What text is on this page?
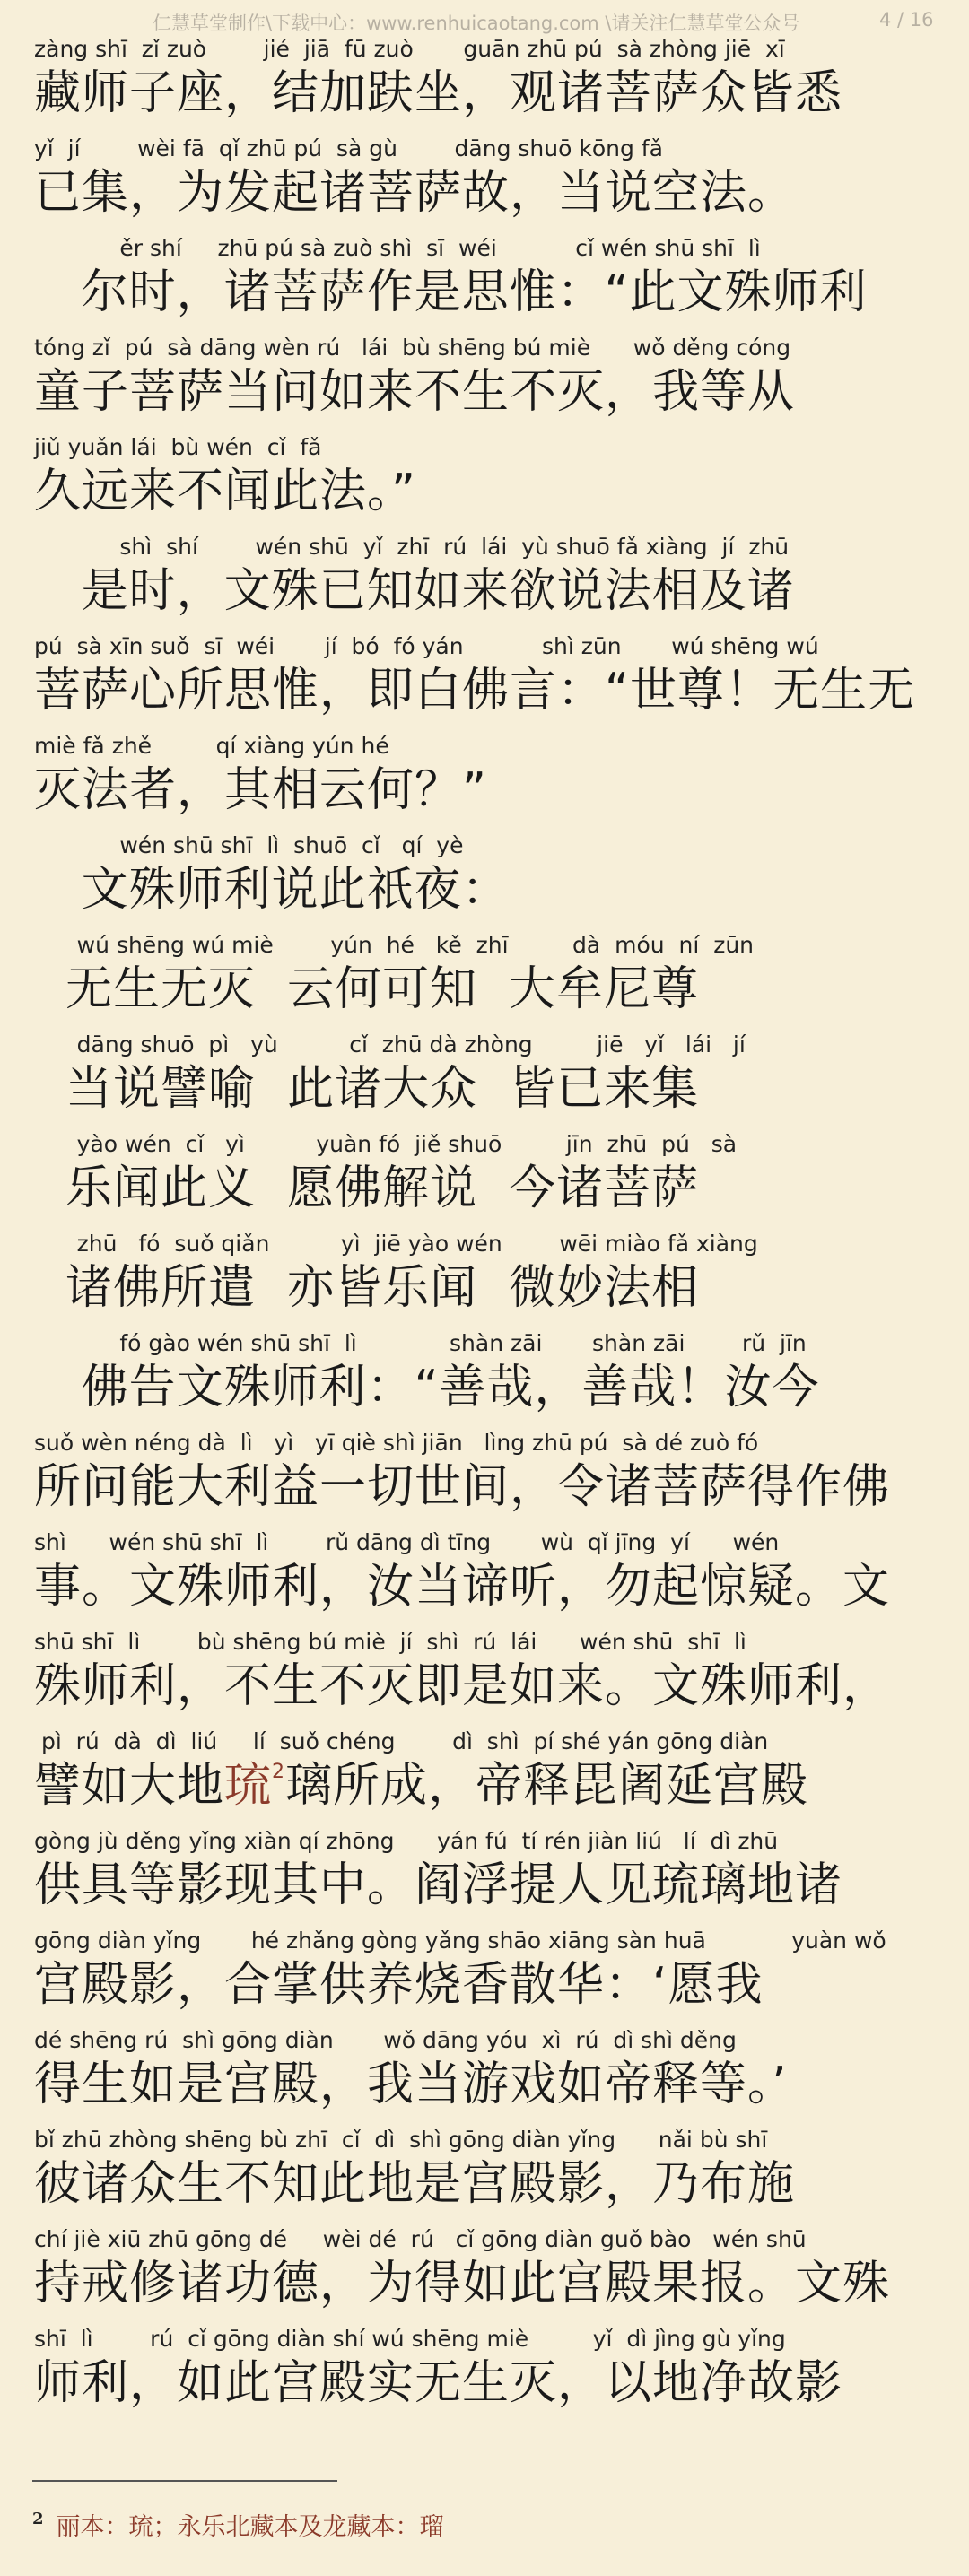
仁慧草堂制作\下载中心：www.renhuicaotang.com \请关注仁慧草堂公众号	4 / 16
zàng shī  zǐ zuò        jié  jiā  fū zuò       guān zhū pú  sà zhòng jiē  xī
藏师子座，结加趺坐，观诸菩萨众皆悉
yǐ  jí        wèi fā  qǐ zhū pú  sà gù        dāng shuō kōng fǎ
已集，为发起诸菩萨故，当说空法。
ěr shí     zhū pú sà zuò shì  sī  wéi           cǐ wén shū shī  lì
尔时，诸菩萨作是思惟：“此文殊师利
tóng zǐ  pú  sà dāng wèn rú   lái  bù shēng bú miè      wǒ děng cóng
童子菩萨当问如来不生不灭，我等从
jiǔ yuǎn lái  bù wén  cǐ  fǎ
久远来不闻此法。”
shì  shí        wén shū  yǐ  zhī  rú  lái  yù shuō fǎ xiàng  jí  zhū
是时，文殊已知如来欲说法相及诸
pú  sà xīn suǒ  sī  wéi       jí  bó  fó yán           shì zūn       wú shēng wú
菩萨心所思惟，即白佛言：“世尊！无生无
miè fǎ zhě         qí xiàng yún hé
灭法者，其相云何？”
wén shū shī  lì  shuō  cǐ   qí  yè
文殊师利说此祇夜：
wú shēng wú miè        yún  hé   kě  zhī         dà  móu  ní  zūn
无生无灭  云何可知  大牟尼尊
dāng shuō  pì   yù          cǐ  zhū dà zhòng         jiē   yǐ   lái   jí
当说譬喻  此诸大众  皆已来集
yào wén  cǐ   yì          yuàn fó  jiě shuō         jīn  zhū  pú   sà
乐闻此义  愿佛解说  今诸菩萨
zhū   fó  suǒ qiǎn          yì  jiē yào wén        wēi miào fǎ xiàng
诸佛所遣  亦皆乐闻  微妙法相
fó gào wén shū shī  lì             shàn zāi       shàn zāi        rǔ  jīn
佛告文殊师利：“善哉，善哉！汝今
suǒ wèn néng dà  lì   yì   yī qiè shì jiān   lìng zhū pú  sà dé zuò fó
所问能大利益一切世间，令诸菩萨得作佛
shì      wén shū shī  lì        rǔ dāng dì tīng       wù  qǐ jīng  yí      wén
事。文殊师利，汝当谛听，勿起惊疑。文
shū shī  lì        bù shēng bú miè  jí  shì  rú  lái      wén shū  shī  lì
殊师利，不生不灭即是如来。文殊师利，
pì  rú  dà  dì  liú     lí  suǒ chéng        dì  shì  pí shé yán gōng diàn
譬如大地琉$^2$璃所成，帝释毘阇延宫殿
gòng jù děng yǐng xiàn qí zhōng      yán fú  tí rén jiàn liú   lí  dì zhū
供具等影现其中。阎浮提人见琉璃地诸
gōng diàn yǐng       hé zhǎng gòng yǎng shāo xiāng sàn huā            yuàn wǒ
宫殿影，合掌供养烧香散华：‘愿我
dé shēng rú  shì gōng diàn       wǒ dāng yóu  xì  rú  dì shì děng
得生如是宫殿，我当游戏如帝释等。’
bǐ zhū zhòng shēng bù zhī  cǐ  dì  shì gōng diàn yǐng      nǎi bù shī
彼诸众生不知此地是宫殿影，乃布施
chí jiè xiū zhū gōng dé     wèi dé  rú   cǐ gōng diàn guǒ bào   wén shū
持戒修诸功德，为得如此宫殿果报。文殊
shī  lì        rú  cǐ gōng diàn shí wú shēng miè         yǐ  dì jìng gù yǐng
师利，如此宫殿实无生灭，以地净故影
$^2$ 丽本：琉；永乐北藏本及龙藏本：瑠
